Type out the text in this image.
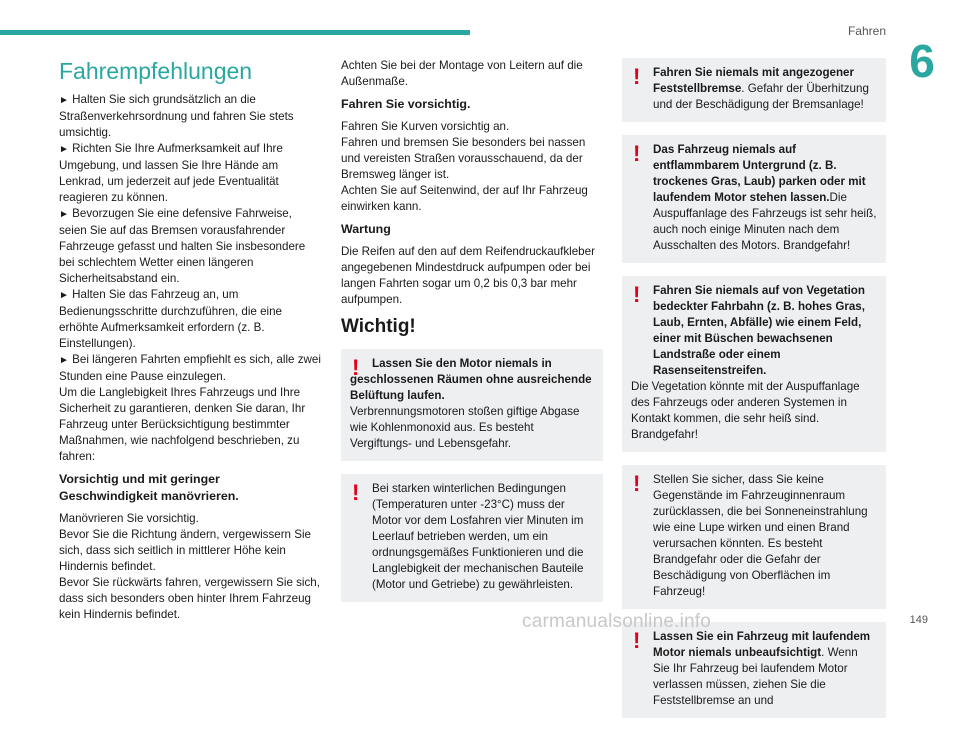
Fahren
6
Fahrempfehlungen

► Halten Sie sich grundsätzlich an die Straßenverkehrsordnung und fahren Sie stets umsichtig.

► Richten Sie Ihre Aufmerksamkeit auf Ihre Umgebung, und lassen Sie Ihre Hände am Lenkrad, um jederzeit auf jede Eventualität reagieren zu können.

► Bevorzugen Sie eine defensive Fahrweise, seien Sie auf das Bremsen vorausfahrender Fahrzeuge gefasst und halten Sie insbesondere bei schlechtem Wetter einen längeren Sicherheitsabstand ein.

► Halten Sie das Fahrzeug an, um Bedienungsschritte durchzuführen, die eine erhöhte Aufmerksamkeit erfordern (z. B. Einstellungen).

► Bei längeren Fahrten empfiehlt es sich, alle zwei Stunden eine Pause einzulegen.

Um die Langlebigkeit Ihres Fahrzeugs und Ihre Sicherheit zu garantieren, denken Sie daran, Ihr Fahrzeug unter Berücksichtigung bestimmter Maßnahmen, wie nachfolgend beschrieben, zu fahren:

Vorsichtig und mit geringer Geschwindigkeit manövrieren.

Manövrieren Sie vorsichtig.

Bevor Sie die Richtung ändern, vergewissern Sie sich, dass sich seitlich in mittlerer Höhe kein Hindernis befindet.

Bevor Sie rückwärts fahren, vergewissern Sie sich, dass sich besonders oben hinter Ihrem Fahrzeug kein Hindernis befindet.

Achten Sie bei der Montage von Leitern auf die Außenmaße.

Fahren Sie vorsichtig.

Fahren Sie Kurven vorsichtig an.

Fahren und bremsen Sie besonders bei nassen und vereisten Straßen vorausschauend, da der Bremsweg länger ist.

Achten Sie auf Seitenwind, der auf Ihr Fahrzeug einwirken kann.

Wartung

Die Reifen auf den auf dem Reifendruckaufkleber angegebenen Mindestdruck aufpumpen oder bei langen Fahrten sogar um 0,2 bis 0,3 bar mehr aufpumpen.

Wichtig!
!	Lassen Sie den Motor niemals in geschlossenen Räumen ohne ausreichende Belüftung laufen.

Verbrennungsmotoren stoßen giftige Abgase wie Kohlenmonoxid aus. Es besteht Vergiftungs- und Lebensgefahr.

!	Bei starken winterlichen Bedingungen (Temperaturen unter -23°C) muss der Motor vor dem Losfahren vier Minuten im Leerlauf betrieben werden, um ein ordnungsgemäßes Funktionieren und die Langlebigkeit der mechanischen Bauteile (Motor und Getriebe) zu gewährleisten.

!	Fahren Sie niemals mit angezogener Feststellbremse. Gefahr der Überhitzung und der Beschädigung der Bremsanlage!

!	Das Fahrzeug niemals auf entflammbarem Untergrund (z. B. trockenes Gras, Laub) parken oder mit laufendem Motor stehen lassen.Die Auspuffanlage des Fahrzeugs ist sehr heiß, auch noch einige Minuten nach dem Ausschalten des Motors. Brandgefahr!

!	Fahren Sie niemals auf von Vegetation bedeckter Fahrbahn (z. B. hohes Gras, Laub, Ernten, Abfälle) wie einem Feld, einer mit Büschen bewachsenen Landstraße oder einem Rasenseitenstreifen.

Die Vegetation könnte mit der Auspuffanlage des Fahrzeugs oder anderen Systemen in Kontakt kommen, die sehr heiß sind. Brandgefahr!

!	Stellen Sie sicher, dass Sie keine Gegenstände im Fahrzeuginnenraum zurücklassen, die bei Sonneneinstrahlung wie eine Lupe wirken und einen Brand verursachen könnten. Es besteht Brandgefahr oder die Gefahr der Beschädigung von Oberflächen im Fahrzeug!

!	Lassen Sie ein Fahrzeug mit laufendem Motor niemals unbeaufsichtigt. Wenn Sie Ihr Fahrzeug bei laufendem Motor verlassen müssen, ziehen Sie die Feststellbremse an und

carmanualsonline.info	149
